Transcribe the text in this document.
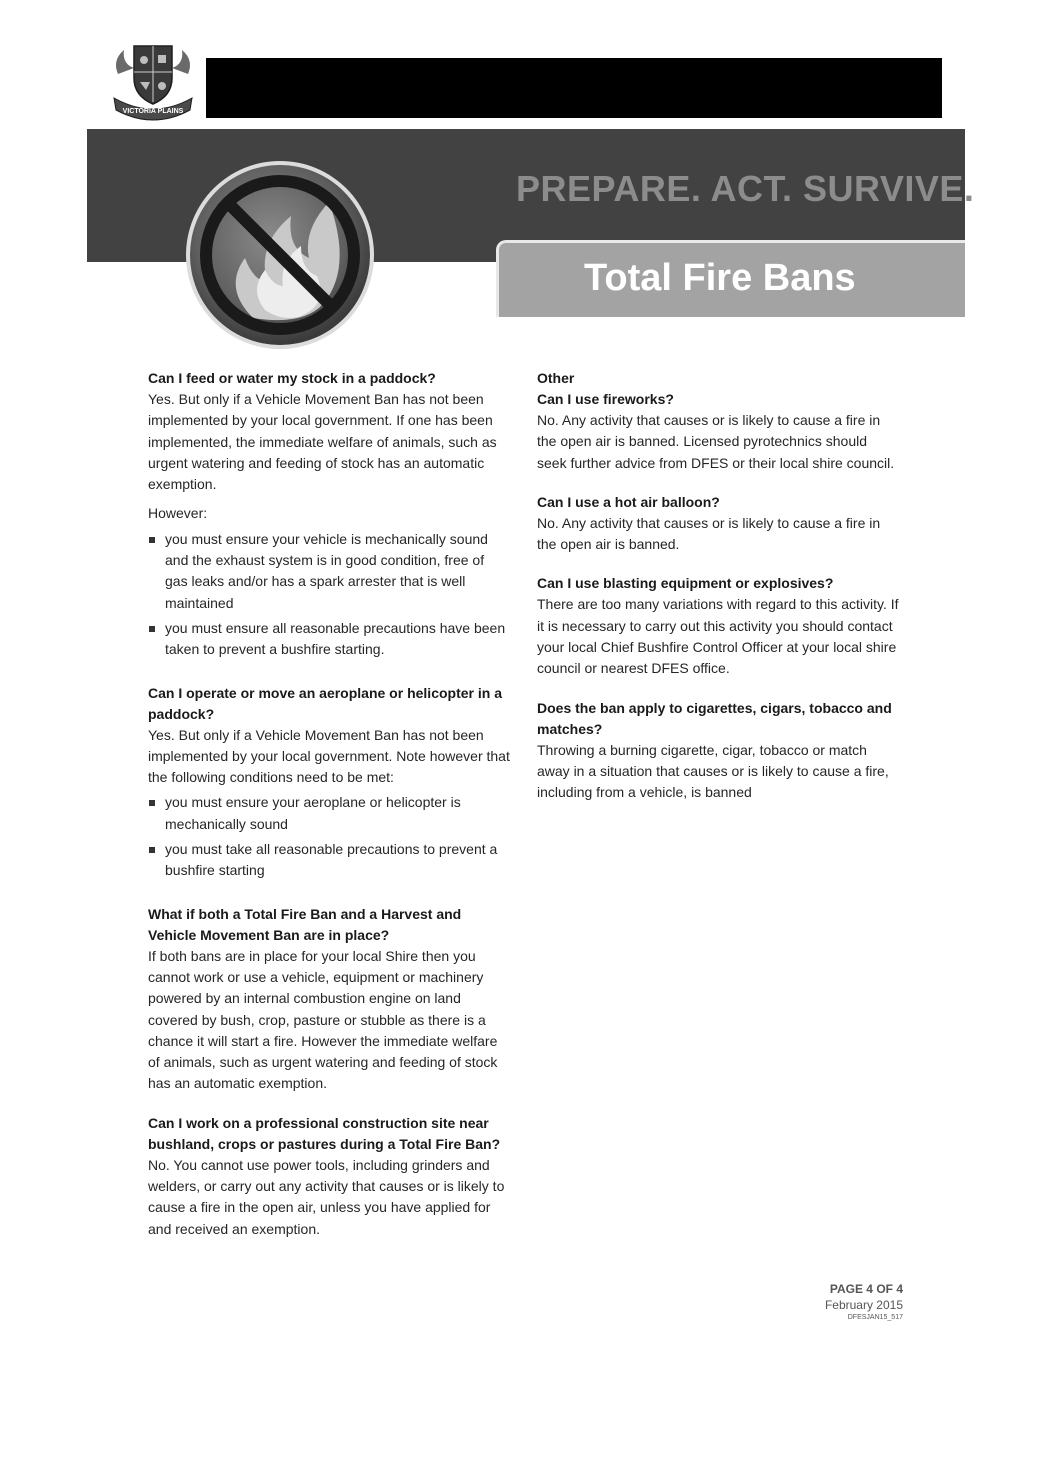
VICTORIA PLAINS
PREPARE. ACT. SURVIVE.
Total Fire Bans

Can I feed or water my stock in a paddock?

Yes. But only if a Vehicle Movement Ban has not been implemented by your local government. If one has been implemented, the immediate welfare of animals, such as urgent watering and feeding of stock has an automatic exemption.

However:

you must ensure your vehicle is mechanically sound and the exhaust system is in good condition, free of gas leaks and/or has a spark arrester that is well maintained
you must ensure all reasonable precautions have been taken to prevent a bushfire starting.

Can I operate or move an aeroplane or helicopter in a paddock?

Yes. But only if a Vehicle Movement Ban has not been implemented by your local government. Note however that the following conditions need to be met:

you must ensure your aeroplane or helicopter is mechanically sound
you must take all reasonable precautions to prevent a bushfire starting

What if both a Total Fire Ban and a Harvest and Vehicle Movement Ban are in place?

If both bans are in place for your local Shire then you cannot work or use a vehicle, equipment or machinery powered by an internal combustion engine on land covered by bush, crop, pasture or stubble as there is a chance it will start a fire. However the immediate welfare of animals, such as urgent watering and feeding of stock has an automatic exemption.

Can I work on a professional construction site near bushland, crops or pastures during a Total Fire Ban?

No. You cannot use power tools, including grinders and welders, or carry out any activity that causes or is likely to cause a fire in the open air, unless you have applied for and received an exemption.

Other

Can I use fireworks?

No. Any activity that causes or is likely to cause a fire in the open air is banned. Licensed pyrotechnics should seek further advice from DFES or their local shire council.

Can I use a hot air balloon?

No. Any activity that causes or is likely to cause a fire in the open air is banned.

Can I use blasting equipment or explosives?

There are too many variations with regard to this activity. If it is necessary to carry out this activity you should contact your local Chief Bushfire Control Officer at your local shire council or nearest DFES office.

Does the ban apply to cigarettes, cigars, tobacco and matches?

Throwing a burning cigarette, cigar, tobacco or match away in a situation that causes or is likely to cause a fire, including from a vehicle, is banned

PAGE 4 OF 4
February 2015
DFESJAN15_517
